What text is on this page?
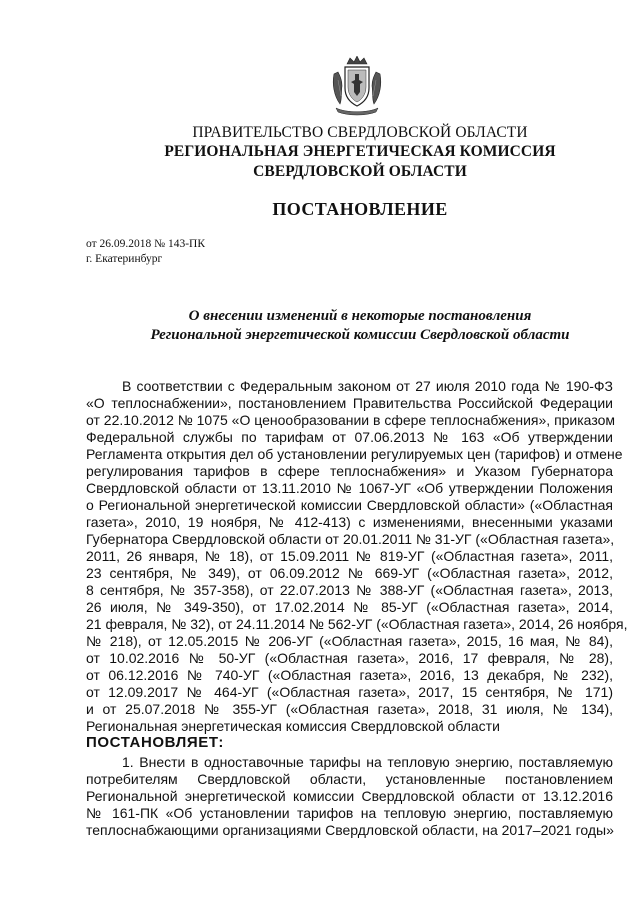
ПРАВИТЕЛЬСТВО СВЕРДЛОВСКОЙ ОБЛАСТИ
РЕГИОНАЛЬНАЯ ЭНЕРГЕТИЧЕСКАЯ КОМИССИЯ
СВЕРДЛОВСКОЙ ОБЛАСТИ
ПОСТАНОВЛЕНИЕ
от 26.09.2018 № 143-ПК
г. Екатеринбург
О внесении изменений в некоторые постановления
Региональной энергетической комиссии Свердловской области
В соответствии с Федеральным законом от 27 июля 2010 года № 190-ФЗ
«О теплоснабжении», постановлением Правительства Российской Федерации
от 22.10.2012 № 1075 «О ценообразовании в сфере теплоснабжения», приказом
Федеральной службы по тарифам от 07.06.2013 № 163 «Об утверждении
Регламента открытия дел об установлении регулируемых цен (тарифов) и отмене
регулирования тарифов в сфере теплоснабжения» и Указом Губернатора
Свердловской области от 13.11.2010 № 1067-УГ «Об утверждении Положения
о Региональной энергетической комиссии Свердловской области» («Областная
газета», 2010, 19 ноября, № 412-413) с изменениями, внесенными указами
Губернатора Свердловской области от 20.01.2011 № 31-УГ («Областная газета»,
2011, 26 января, № 18), от 15.09.2011 № 819-УГ («Областная газета», 2011,
23 сентября, № 349), от 06.09.2012 № 669-УГ («Областная газета», 2012,
8 сентября, № 357-358), от 22.07.2013 № 388-УГ («Областная газета», 2013,
26 июля, № 349-350), от 17.02.2014 № 85-УГ («Областная газета», 2014,
21 февраля, № 32), от 24.11.2014 № 562-УГ («Областная газета», 2014, 26 ноября,
№ 218), от 12.05.2015 № 206-УГ («Областная газета», 2015, 16 мая, № 84),
от 10.02.2016 № 50-УГ («Областная газета», 2016, 17 февраля, № 28),
от 06.12.2016 № 740-УГ («Областная газета», 2016, 13 декабря, № 232),
от 12.09.2017 № 464-УГ («Областная газета», 2017, 15 сентября, № 171)
и от 25.07.2018 № 355-УГ («Областная газета», 2018, 31 июля, № 134),
Региональная энергетическая комиссия Свердловской области
ПОСТАНОВЛЯЕТ:
1. Внести в одноставочные тарифы на тепловую энергию, поставляемую
потребителям Свердловской области, установленные постановлением
Региональной энергетической комиссии Свердловской области от 13.12.2016
№ 161-ПК «Об установлении тарифов на тепловую энергию, поставляемую
теплоснабжающими организациями Свердловской области, на 2017–2021 годы»
